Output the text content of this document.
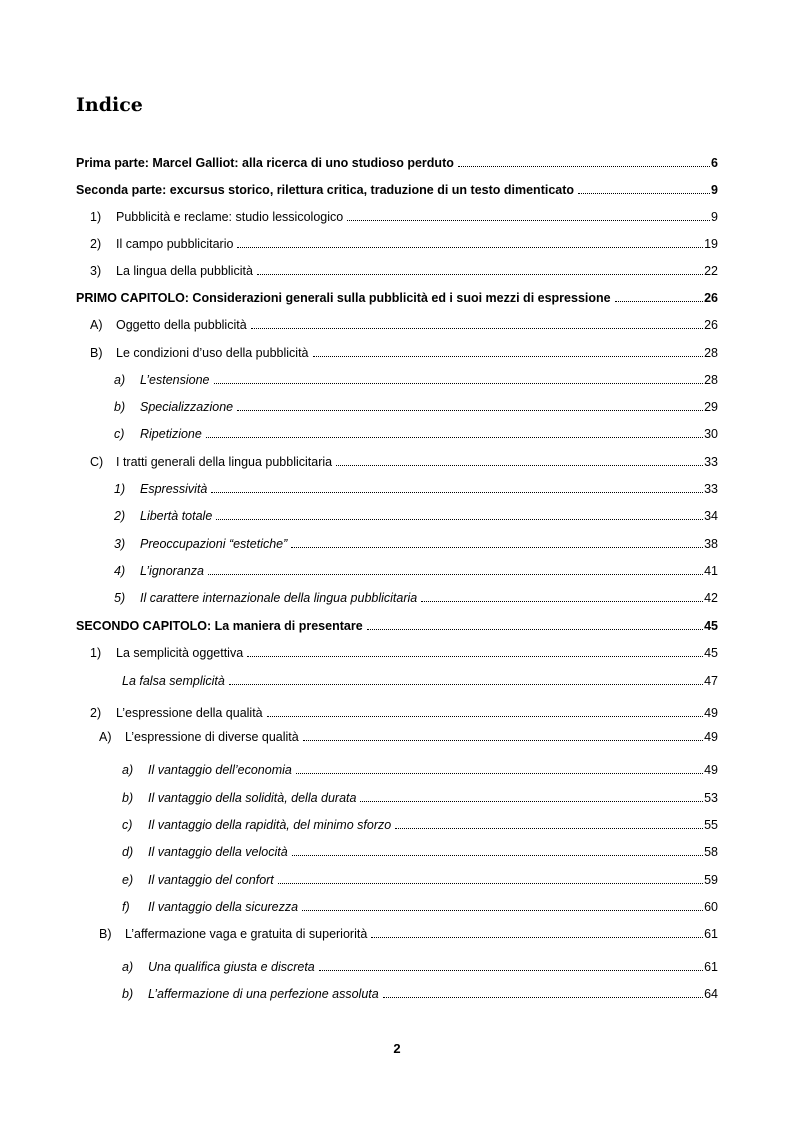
Indice
Prima parte: Marcel Galliot: alla ricerca di uno studioso perduto	6
Seconda parte: excursus storico, rilettura critica, traduzione di un testo dimenticato	9
1)	Pubblicità e reclame: studio lessicologico	9
2)	Il campo pubblicitario	19
3)	La lingua della pubblicità	22
PRIMO CAPITOLO: Considerazioni generali sulla pubblicità ed i suoi mezzi di espressione	26
A)	Oggetto della pubblicità	26
B)	Le condizioni d’uso della pubblicità	28
a)	L’estensione	28
b)	Specializzazione	29
c)	Ripetizione	30
C)	I tratti generali della lingua pubblicitaria	33
1)	Espressività	33
2)	Libertà totale	34
3)	Preoccupazioni “estetiche”	38
4)	L’ignoranza	41
5)	Il carattere internazionale della lingua pubblicitaria	42
SECONDO CAPITOLO: La maniera di presentare	45
1)	La semplicità oggettiva	45
La falsa semplicità	47
2)	L’espressione della qualità	49
A)	L’espressione di diverse qualità	49
a)	Il vantaggio dell’economia	49
b)	Il vantaggio della solidità, della durata	53
c)	Il vantaggio della rapidità, del minimo sforzo	55
d)	Il vantaggio della velocità	58
e)	Il vantaggio del confort	59
f)	Il vantaggio della sicurezza	60
B)	L’affermazione vaga e gratuita di superiorità	61
a)	Una qualifica giusta e discreta	61
b)	L’affermazione di una perfezione assoluta	64
2
